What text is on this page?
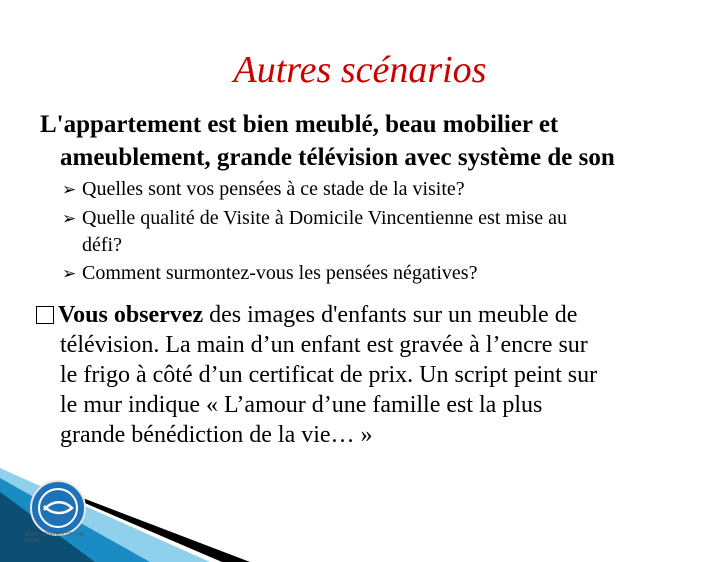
Autres scénarios
L'appartement est bien meublé, beau mobilier et
ameublement, grande télévision avec système de son
➢ Quelles sont vos pensées à ce stade de la visite?
➢ Quelle qualité de Visite à Domicile Vincentienne est mise au
défi?
➢ Comment surmontez-vous les pensées négatives?
Vous observez des images d'enfants sur un meuble de
télévision. La main d’un enfant est gravée à l’encre sur
le frigo à côté d’un certificat de prix. Un script peint sur
le mur indique « L’amour d’une famille est la plus
grande bénédiction de la vie… »
SSVP · FRIENDS OF THE POOR
